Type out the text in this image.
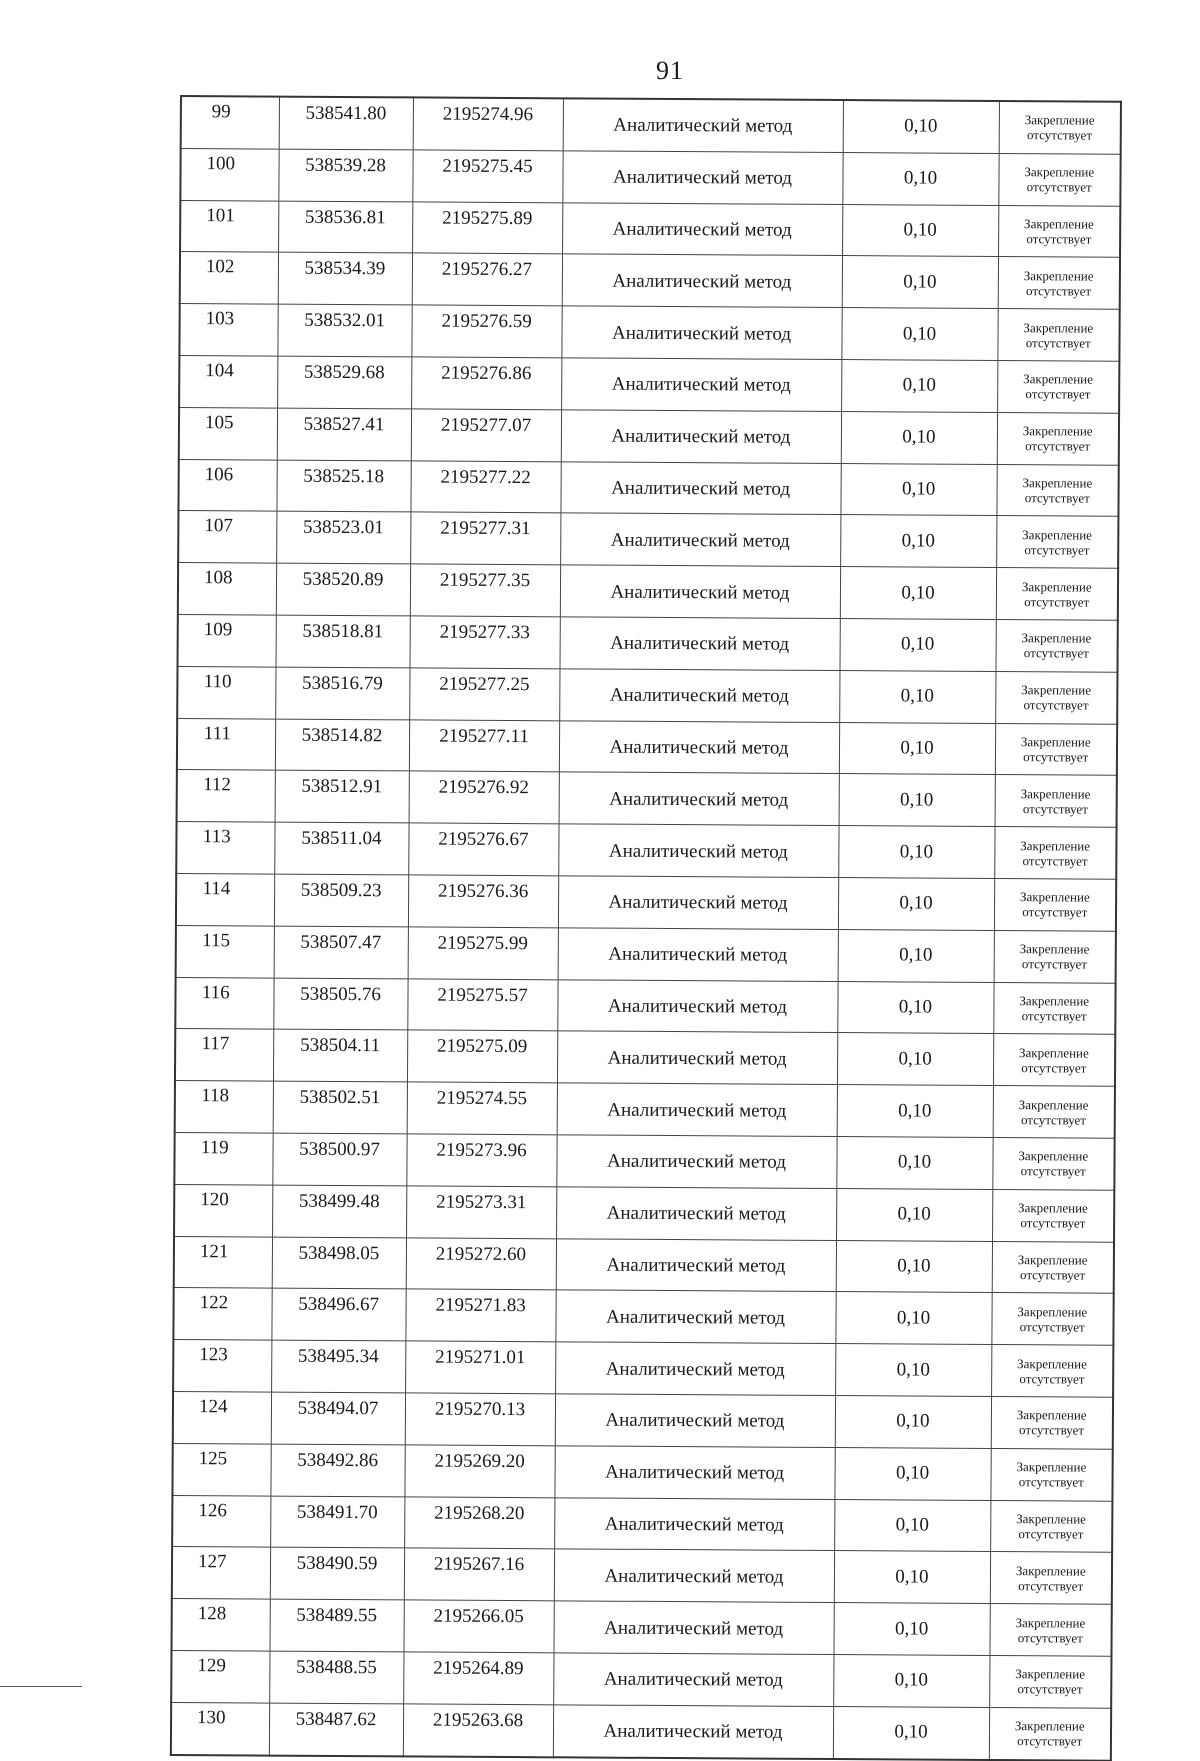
91
99	538541.80	2195274.96	Аналитический метод	0,10	Закрепление
отсутствует

100	538539.28	2195275.45	Аналитический метод	0,10	Закрепление
отсутствует

101	538536.81	2195275.89	Аналитический метод	0,10	Закрепление
отсутствует

102	538534.39	2195276.27	Аналитический метод	0,10	Закрепление
отсутствует

103	538532.01	2195276.59	Аналитический метод	0,10	Закрепление
отсутствует

104	538529.68	2195276.86	Аналитический метод	0,10	Закрепление
отсутствует

105	538527.41	2195277.07	Аналитический метод	0,10	Закрепление
отсутствует

106	538525.18	2195277.22	Аналитический метод	0,10	Закрепление
отсутствует

107	538523.01	2195277.31	Аналитический метод	0,10	Закрепление
отсутствует

108	538520.89	2195277.35	Аналитический метод	0,10	Закрепление
отсутствует

109	538518.81	2195277.33	Аналитический метод	0,10	Закрепление
отсутствует

110	538516.79	2195277.25	Аналитический метод	0,10	Закрепление
отсутствует

111	538514.82	2195277.11	Аналитический метод	0,10	Закрепление
отсутствует

112	538512.91	2195276.92	Аналитический метод	0,10	Закрепление
отсутствует

113	538511.04	2195276.67	Аналитический метод	0,10	Закрепление
отсутствует

114	538509.23	2195276.36	Аналитический метод	0,10	Закрепление
отсутствует

115	538507.47	2195275.99	Аналитический метод	0,10	Закрепление
отсутствует

116	538505.76	2195275.57	Аналитический метод	0,10	Закрепление
отсутствует

117	538504.11	2195275.09	Аналитический метод	0,10	Закрепление
отсутствует

118	538502.51	2195274.55	Аналитический метод	0,10	Закрепление
отсутствует

119	538500.97	2195273.96	Аналитический метод	0,10	Закрепление
отсутствует

120	538499.48	2195273.31	Аналитический метод	0,10	Закрепление
отсутствует

121	538498.05	2195272.60	Аналитический метод	0,10	Закрепление
отсутствует

122	538496.67	2195271.83	Аналитический метод	0,10	Закрепление
отсутствует

123	538495.34	2195271.01	Аналитический метод	0,10	Закрепление
отсутствует

124	538494.07	2195270.13	Аналитический метод	0,10	Закрепление
отсутствует

125	538492.86	2195269.20	Аналитический метод	0,10	Закрепление
отсутствует

126	538491.70	2195268.20	Аналитический метод	0,10	Закрепление
отсутствует

127	538490.59	2195267.16	Аналитический метод	0,10	Закрепление
отсутствует

128	538489.55	2195266.05	Аналитический метод	0,10	Закрепление
отсутствует

129	538488.55	2195264.89	Аналитический метод	0,10	Закрепление
отсутствует

130	538487.62	2195263.68	Аналитический метод	0,10	Закрепление
отсутствует
